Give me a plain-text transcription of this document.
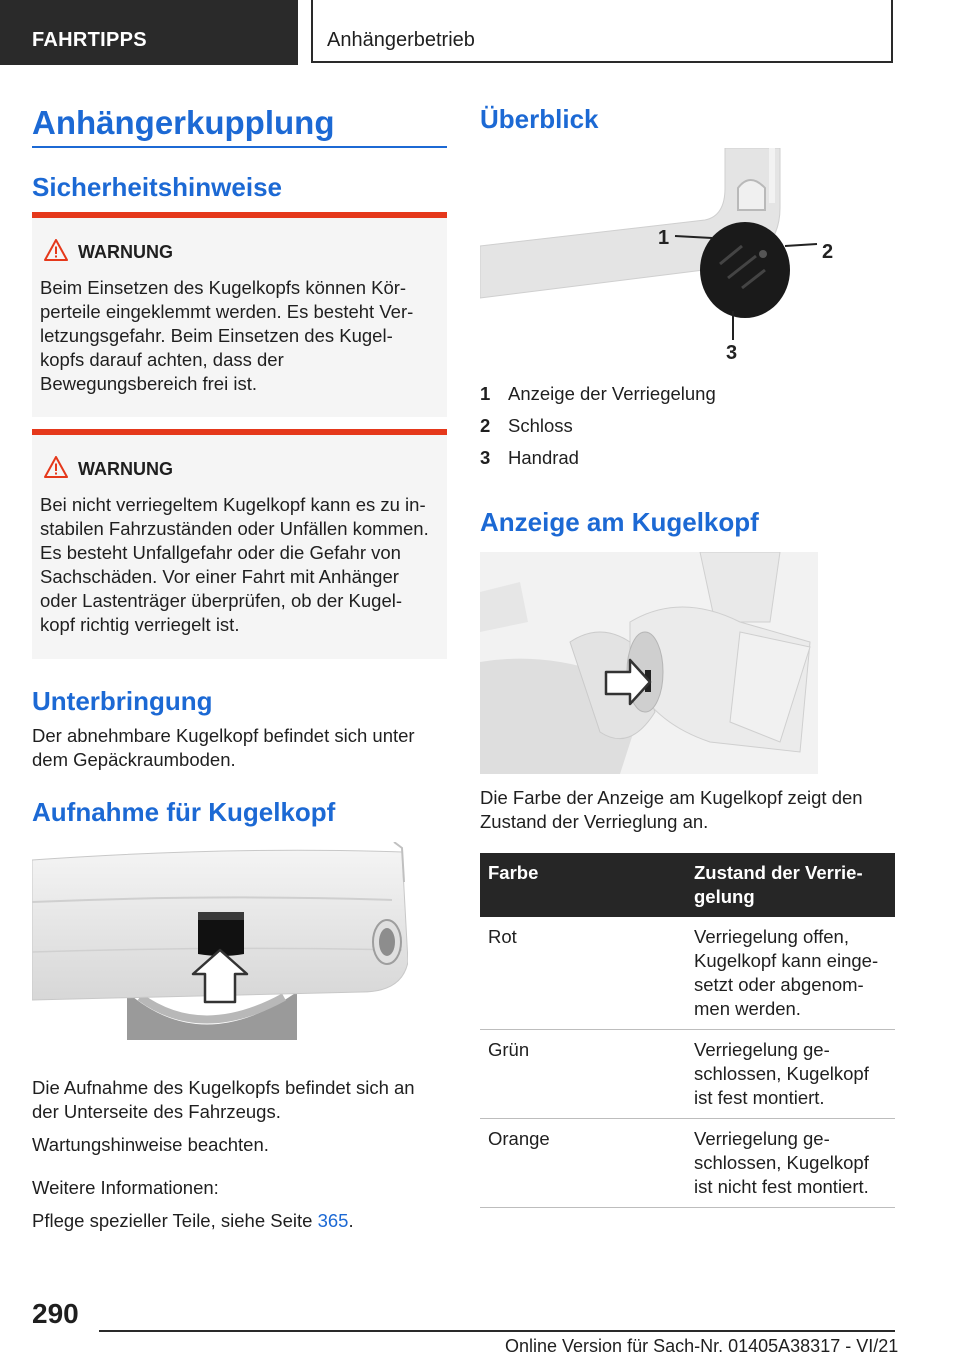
FAHRTIPPS	Anhängerbetrieb
Anhängerkupplung
Sicherheitshinweise
WARNUNG
Beim Einsetzen des Kugelkopfs können Kör-
perteile eingeklemmt werden. Es besteht Ver-
letzungsgefahr. Beim Einsetzen des Kugel-
kopfs darauf achten, dass der
Bewegungsbereich frei ist.
WARNUNG
Bei nicht verriegeltem Kugelkopf kann es zu in-
stabilen Fahrzuständen oder Unfällen kommen.
Es besteht Unfallgefahr oder die Gefahr von
Sachschäden. Vor einer Fahrt mit Anhänger
oder Lastenträger überprüfen, ob der Kugel-
kopf richtig verriegelt ist.
Unterbringung
Der abnehmbare Kugelkopf befindet sich unter
dem Gepäckraumboden.
Aufnahme für Kugelkopf
Die Aufnahme des Kugelkopfs befindet sich an
der Unterseite des Fahrzeugs.
Wartungshinweise beachten.
Weitere Informationen:
Pflege spezieller Teile, siehe Seite 365.
Überblick
1
2
3
1 Anzeige der Verriegelung
2 Schloss
3 Handrad
Anzeige am Kugelkopf
Die Farbe der Anzeige am Kugelkopf zeigt den
Zustand der Verrieglung an.
Farbe	Zustand der Verrie-
gelung
Rot	Verriegelung offen,
Kugelkopf kann einge-
setzt oder abgenom-
men werden.
Grün	Verriegelung ge-
schlossen, Kugelkopf
ist fest montiert.
Orange	Verriegelung ge-
schlossen, Kugelkopf
ist nicht fest montiert.
290
Online Version für Sach-Nr. 01405A38317 - VI/21
